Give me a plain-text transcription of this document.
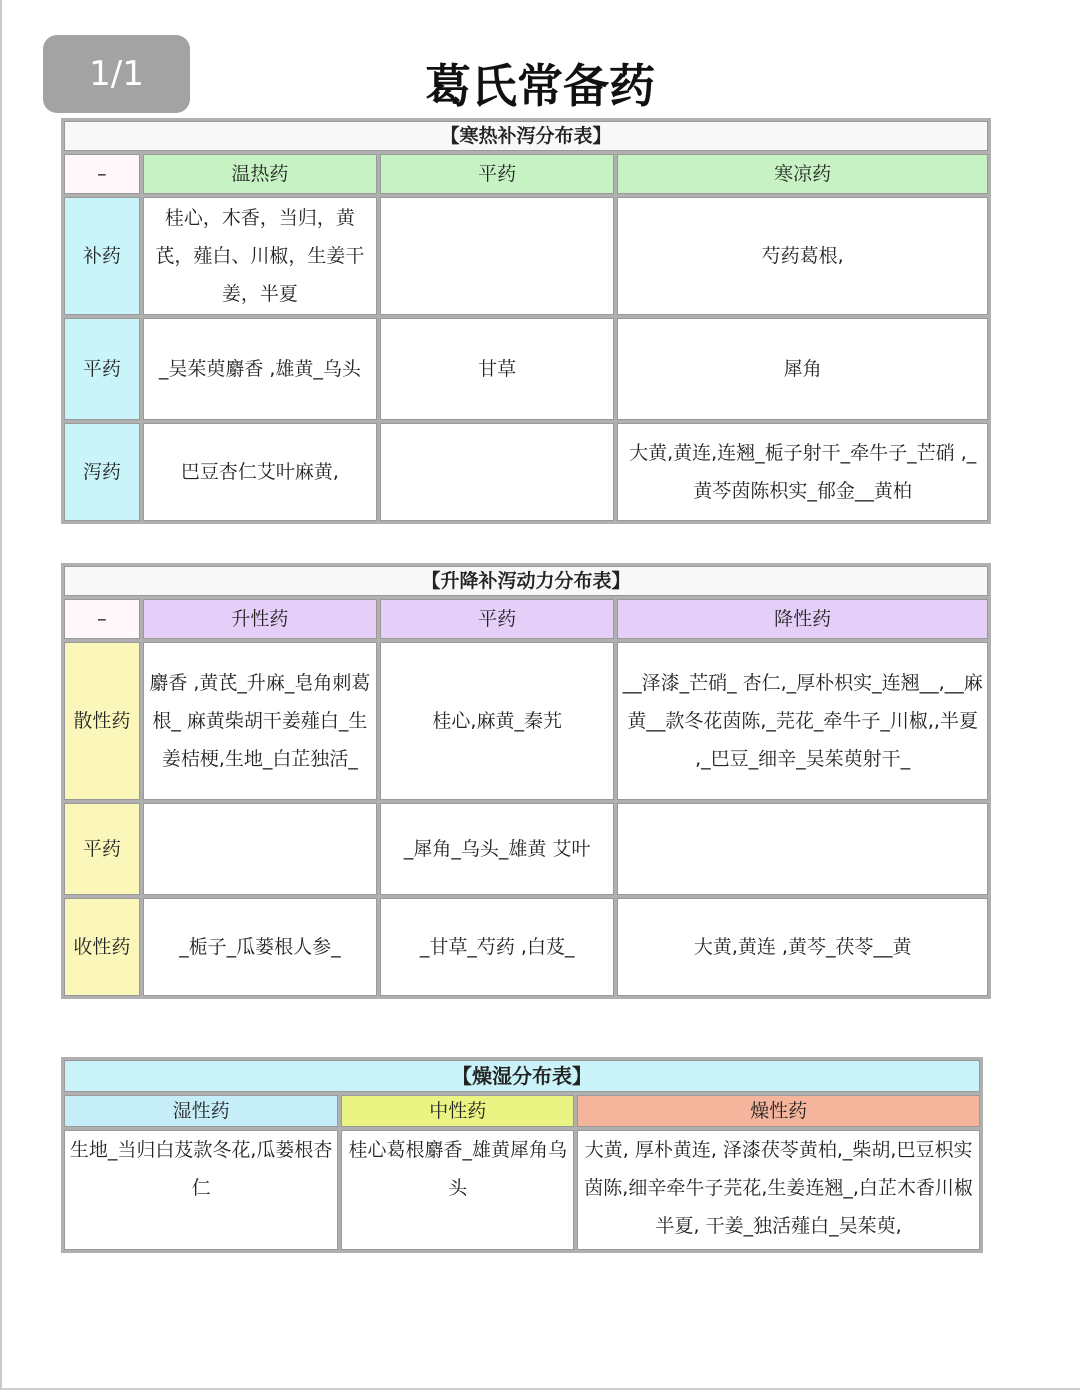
1/1	葛氏常备药
【寒热补泻分布表】			
–	温热药	平药	寒凉药
补药	桂心，木香，当归，黄芪，薤白、川椒，生姜干姜，半夏		芍药葛根,
平药	_吴茱萸麝香 ,雄黄_乌头	甘草	犀角
泻药	巴豆杏仁艾叶麻黄,		大黄,黄连,连翘_栀子射干_牵牛子_芒硝 ,_黄芩茵陈枳实_郁金__黄柏
【升降补泻动力分布表】			
–	升性药	平药	降性药
散性药	麝香 ,黄芪_升麻_皂角刺葛根_ 麻黄柴胡干姜薤白_生姜桔梗,生地_白芷独活_	桂心,麻黄_秦艽	__泽漆_芒硝_ 杏仁,_厚朴枳实_连翘__,__麻黄__款冬花茵陈,_芫花_牵牛子_川椒,,半夏 ,_巴豆_细辛_吴茱萸射干_
平药		_犀角_乌头_雄黄 艾叶	
收性药	_栀子_瓜蒌根人参_	_甘草_芍药 ,白芨_	大黄,黄连 ,黄芩_茯苓__黄
【燥湿分布表】		
湿性药	中性药	燥性药
生地_当归白芨款冬花,瓜蒌根杏仁	桂心葛根麝香_雄黄犀角乌头	大黄, 厚朴黄连, 泽漆茯苓黄柏,_柴胡,巴豆枳实茵陈,细辛牵牛子芫花,生姜连翘_,白芷木香川椒半夏, 干姜_独活薤白_吴茱萸,
